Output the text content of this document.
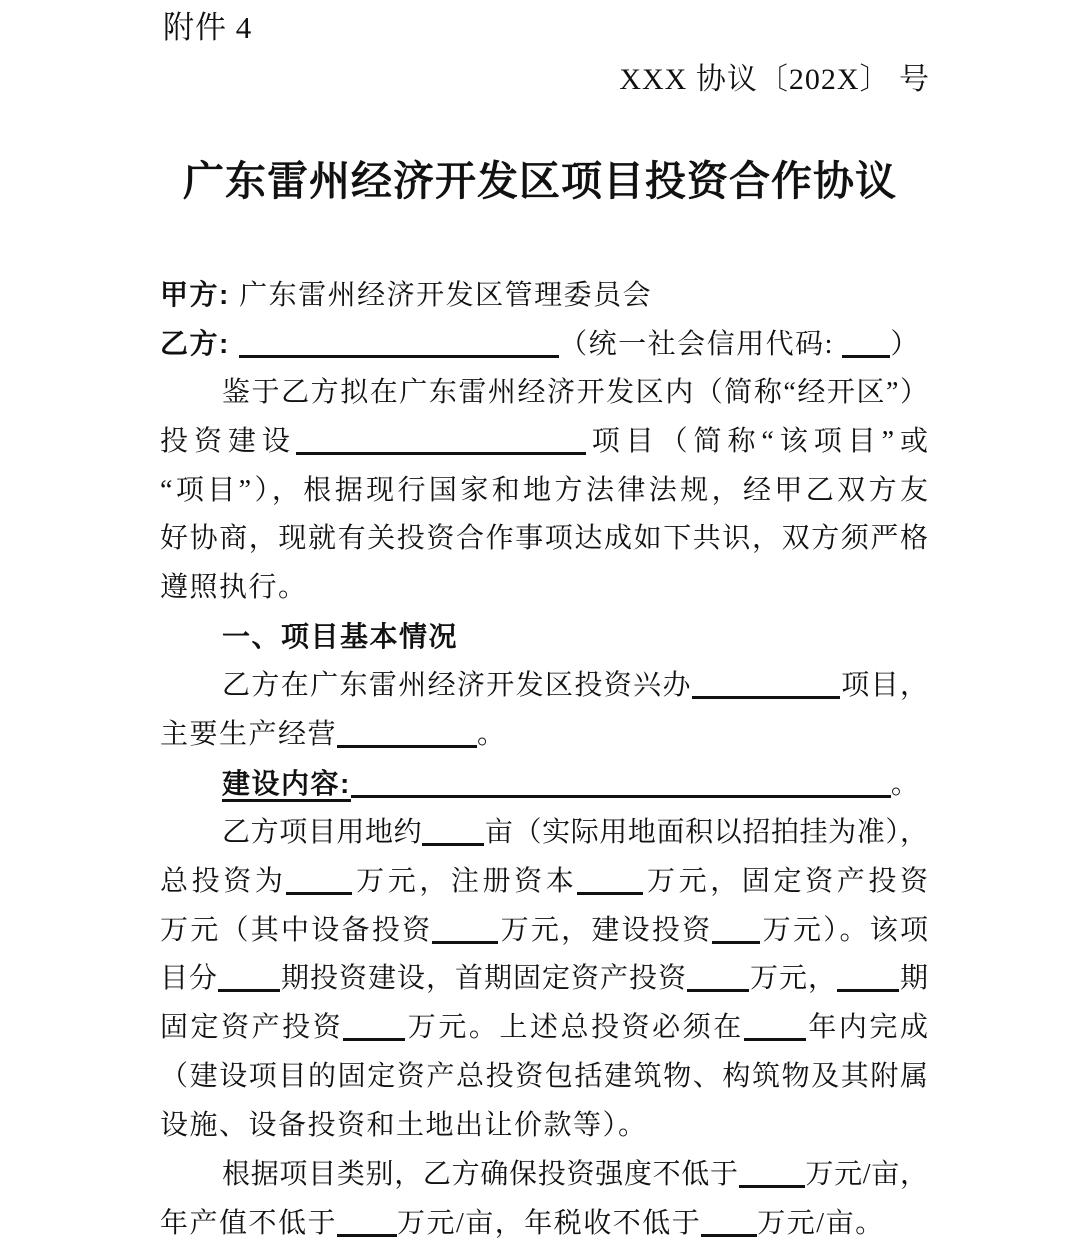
附件 4
XXX 协议〔202X〕 号
广东雷州经济开发区项目投资合作协议
甲方: 广东雷州经济开发区管理委员会
乙方:	（统一社会信用代码: ）
鉴于乙方拟在广东雷州经济开发区内（简称“经开区”）
投资建设	项目（简称“该项目”或
“项目”），根据现行国家和地方法律法规，经甲乙双方友
好协商，现就有关投资合作事项达成如下共识，双方须严格
遵照执行。
一、项目基本情况
乙方在广东雷州经济开发区投资兴办	项目，
主要生产经营	。
建设内容:	。
乙方项目用地约 亩（实际用地面积以招拍挂为准），
总投资为 万元，注册资本 万元，固定资产投资
万元（其中设备投资 万元，建设投资 万元）。该项
目分 期投资建设，首期固定资产投资 万元， 期
固定资产投资 万元。上述总投资必须在 年内完成
（建设项目的固定资产总投资包括建筑物、构筑物及其附属
设施、设备投资和土地出让价款等）。
根据项目类别，乙方确保投资强度不低于 万元/亩，
年产值不低于 万元/亩，年税收不低于 万元/亩。
